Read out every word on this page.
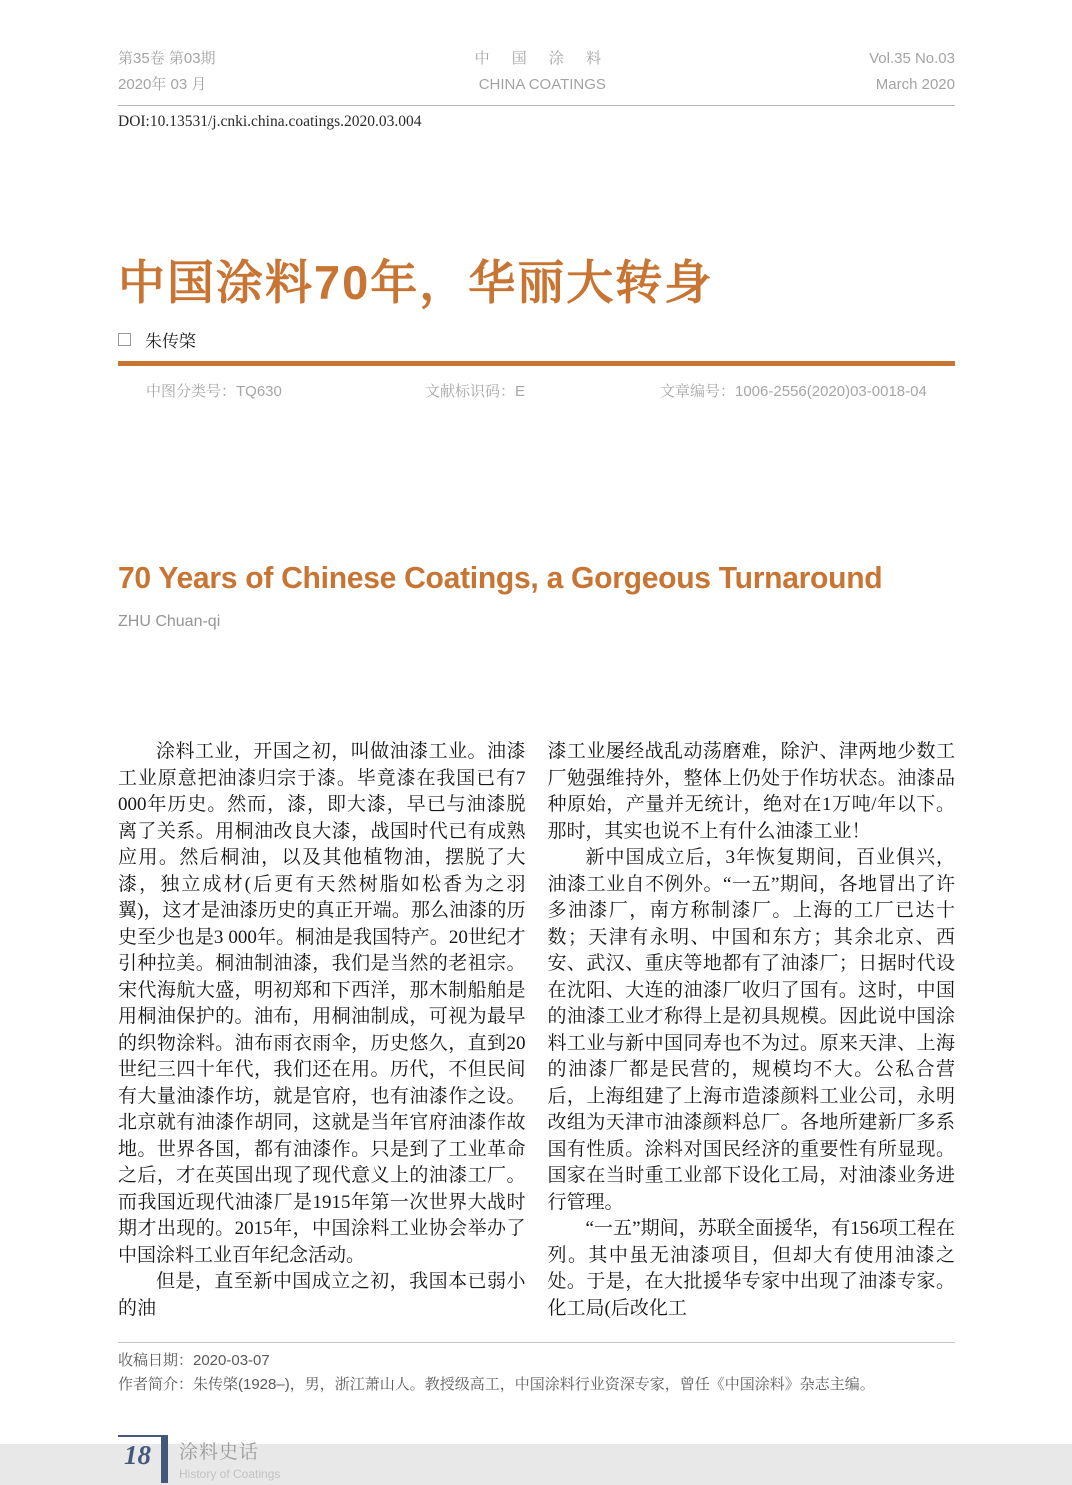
第35卷 第03期
2020年 03 月
中 国 涂 料
CHINA COATINGS
Vol.35 No.03
March 2020
DOI:10.13531/j.cnki.china.coatings.2020.03.004
中国涂料70年，华丽大转身
朱传棨
中图分类号：TQ630	文献标识码：E	文章编号：1006-2556(2020)03-0018-04
70 Years of Chinese Coatings, a Gorgeous Turnaround
ZHU Chuan-qi

涂料工业，开国之初，叫做油漆工业。油漆工业原意把油漆归宗于漆。毕竟漆在我国已有7 000年历史。然而，漆，即大漆，早已与油漆脱离了关系。用桐油改良大漆，战国时代已有成熟应用。然后桐油，以及其他植物油，摆脱了大漆，独立成材(后更有天然树脂如松香为之羽翼)，这才是油漆历史的真正开端。那么油漆的历史至少也是3 000年。桐油是我国特产。20世纪才引种拉美。桐油制油漆，我们是当然的老祖宗。宋代海航大盛，明初郑和下西洋，那木制船舶是用桐油保护的。油布，用桐油制成，可视为最早的织物涂料。油布雨衣雨伞，历史悠久，直到20世纪三四十年代，我们还在用。历代，不但民间有大量油漆作坊，就是官府，也有油漆作之设。北京就有油漆作胡同，这就是当年官府油漆作故地。世界各国，都有油漆作。只是到了工业革命之后，才在英国出现了现代意义上的油漆工厂。而我国近现代油漆厂是1915年第一次世界大战时期才出现的。2015年，中国涂料工业协会举办了中国涂料工业百年纪念活动。

但是，直至新中国成立之初，我国本已弱小的油

漆工业屡经战乱动荡磨难，除沪、津两地少数工厂勉强维持外，整体上仍处于作坊状态。油漆品种原始，产量并无统计，绝对在1万吨/年以下。那时，其实也说不上有什么油漆工业！

新中国成立后，3年恢复期间，百业俱兴，油漆工业自不例外。“一五”期间，各地冒出了许多油漆厂，南方称制漆厂。上海的工厂已达十数；天津有永明、中国和东方；其余北京、西安、武汉、重庆等地都有了油漆厂；日据时代设在沈阳、大连的油漆厂收归了国有。这时，中国的油漆工业才称得上是初具规模。因此说中国涂料工业与新中国同寿也不为过。原来天津、上海的油漆厂都是民营的，规模均不大。公私合营后，上海组建了上海市造漆颜料工业公司，永明改组为天津市油漆颜料总厂。各地所建新厂多系国有性质。涂料对国民经济的重要性有所显现。国家在当时重工业部下设化工局，对油漆业务进行管理。

“一五”期间，苏联全面援华，有156项工程在列。其中虽无油漆项目，但却大有使用油漆之处。于是，在大批援华专家中出现了油漆专家。化工局(后改化工

收稿日期：2020-03-07
作者简介：朱传棨(1928–)，男，浙江萧山人。教授级高工，中国涂料行业资深专家，曾任《中国涂料》杂志主编。
18	涂料史话
History of Coatings
